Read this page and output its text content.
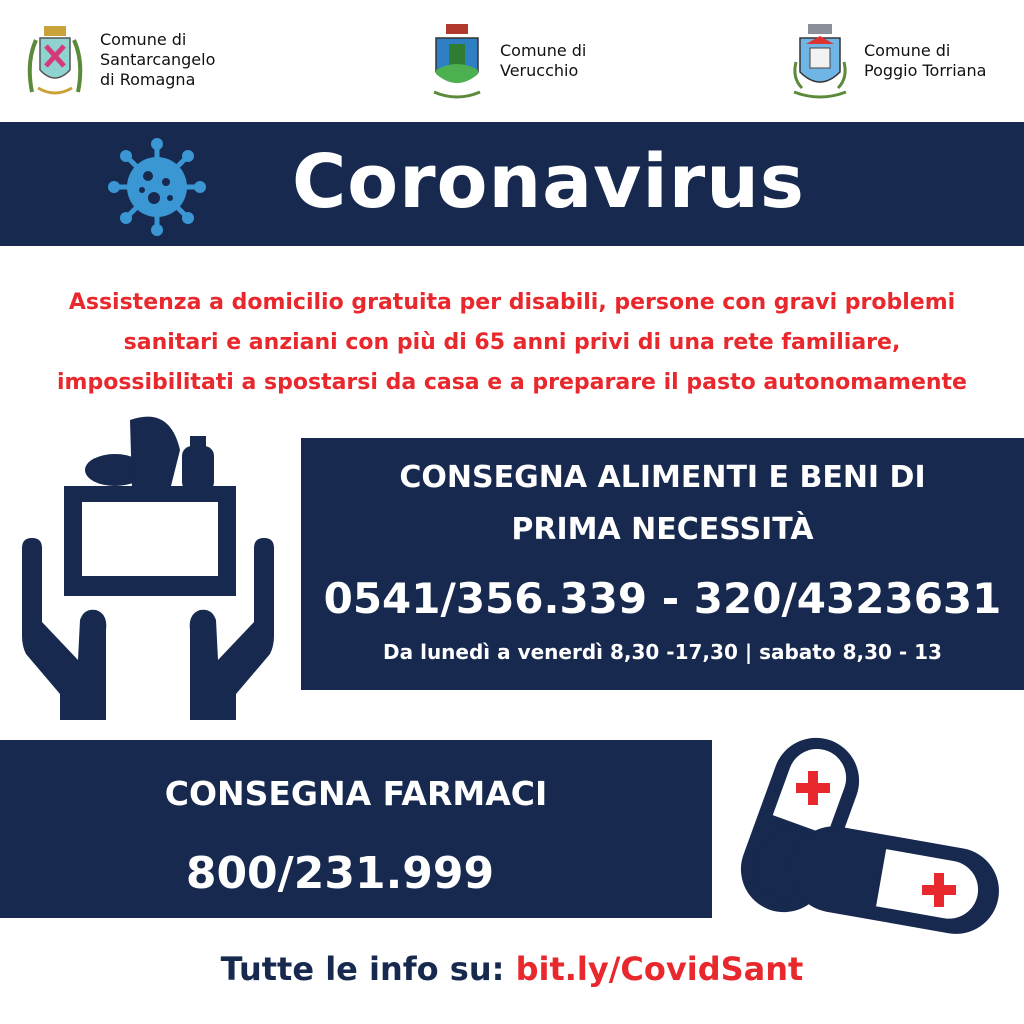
Comune di
Santarcangelo
di Romagna
Comune di
Verucchio
Comune di
Poggio Torriana
Coronavirus
Assistenza a domicilio gratuita per disabili, persone con gravi problemi
sanitari e anziani con più di 65 anni privi di una rete familiare,
impossibilitati a spostarsi da casa e a preparare il pasto autonomamente
CONSEGNA ALIMENTI E BENI DI
PRIMA NECESSITÀ
0541/356.339 - 320/4323631
Da lunedì a venerdì 8,30 -17,30 | sabato 8,30 - 13
CONSEGNA FARMACI
800/231.999
Tutte le info su: bit.ly/CovidSant
